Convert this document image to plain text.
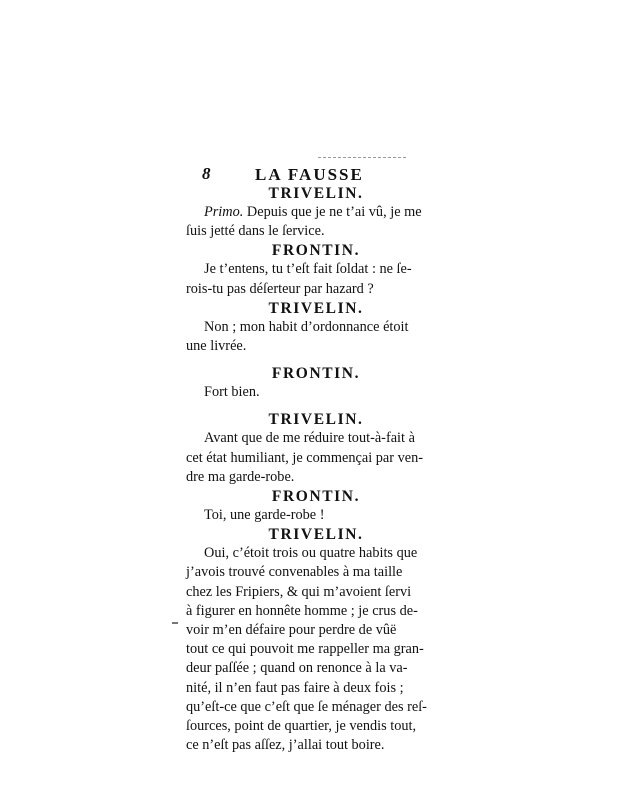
8	LA FAUSSE

TRIVELIN.

Primo. Depuis que je ne t’ai vû, je me

ſuis jetté dans le ſervice.

FRONTIN.

Je t’entens, tu t’eſt fait ſoldat : ne ſe-

rois-tu pas déſerteur par hazard ?

TRIVELIN.

Non ; mon habit d’ordonnance étoit

une livrée.

FRONTIN.

Fort bien.

TRIVELIN.

Avant que de me réduire tout-à-fait à

cet état humiliant, je commençai par ven-

dre ma garde-robe.

FRONTIN.

Toi, une garde-robe !

TRIVELIN.

Oui, c’étoit trois ou quatre habits que

j’avois trouvé convenables à ma taille

chez les Fripiers, & qui m’avoient ſervi

à figurer en honnête homme ; je crus de-

voir m’en défaire pour perdre de vûë

tout ce qui pouvoit me rappeller ma gran-

deur paſſée ; quand on renonce à la va-

nité, il n’en faut pas faire à deux fois ;

qu’eſt-ce que c’eſt que ſe ménager des reſ-

ſources, point de quartier, je vendis tout,

ce n’eſt pas aſſez, j’allai tout boire.
